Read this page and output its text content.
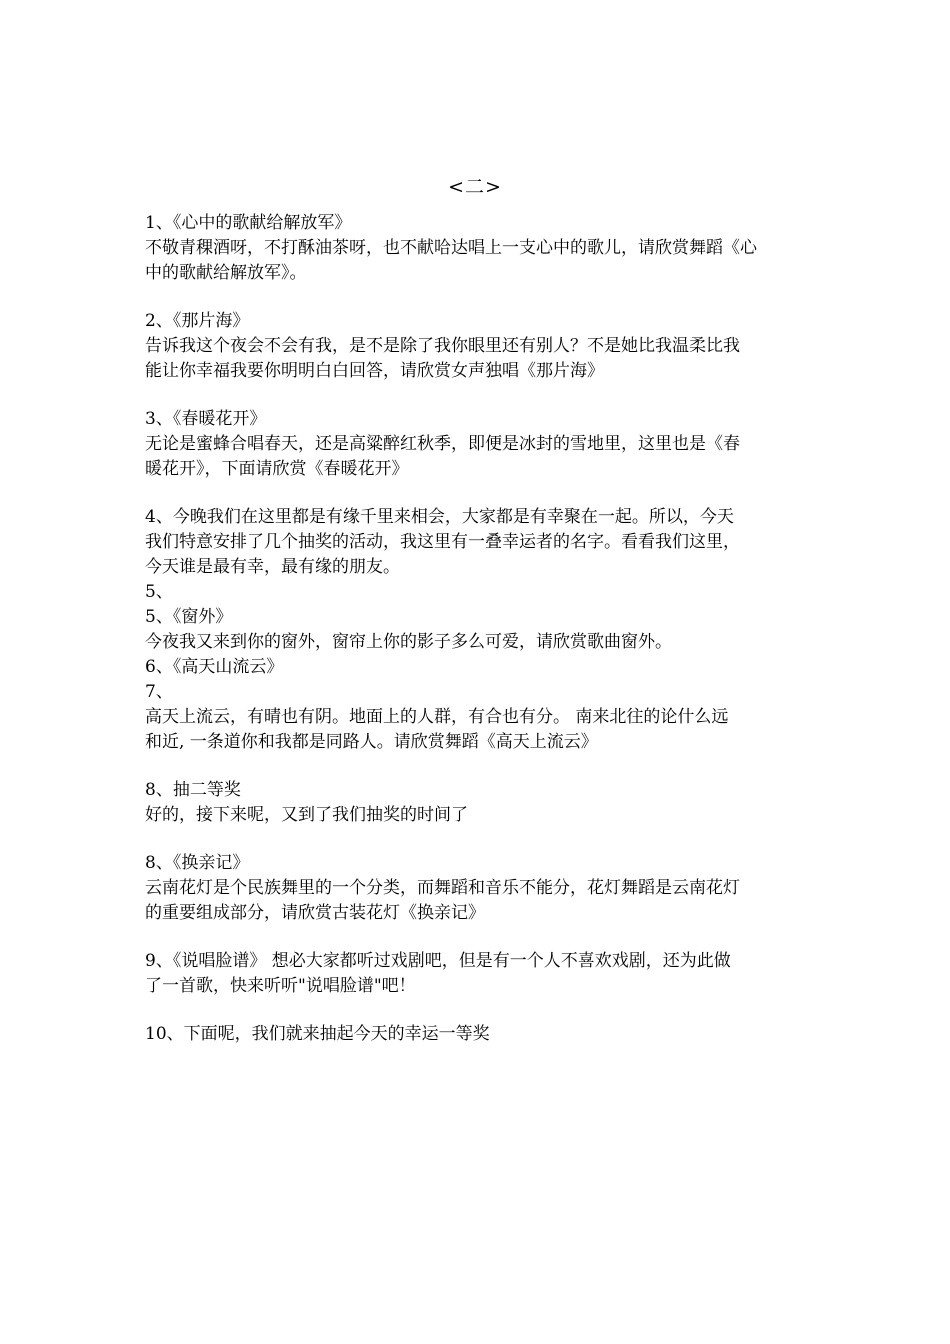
<二>
1、《心中的歌献给解放军》
不敬青稞酒呀，不打酥油茶呀，也不献哈达唱上一支心中的歌儿，请欣赏舞蹈《心
中的歌献给解放军》。
2、《那片海》
告诉我这个夜会不会有我，是不是除了我你眼里还有别人？不是她比我温柔比我
能让你幸福我要你明明白白回答，请欣赏女声独唱《那片海》
3、《春暖花开》
无论是蜜蜂合唱春天，还是高粱醉红秋季，即便是冰封的雪地里，这里也是《春
暖花开》，下面请欣赏《春暖花开》
4、今晚我们在这里都是有缘千里来相会，大家都是有幸聚在一起。所以，今天
我们特意安排了几个抽奖的活动，我这里有一叠幸运者的名字。看看我们这里，
今天谁是最有幸，最有缘的朋友。
5、
5、《窗外》
今夜我又来到你的窗外，窗帘上你的影子多么可爱，请欣赏歌曲窗外。
6、《高天山流云》
7、
高天上流云，有晴也有阴。地面上的人群，有合也有分。 南来北往的论什么远
和近, 一条道你和我都是同路人。请欣赏舞蹈《高天上流云》
8、抽二等奖
好的，接下来呢，又到了我们抽奖的时间了
8、《换亲记》
云南花灯是个民族舞里的一个分类，而舞蹈和音乐不能分，花灯舞蹈是云南花灯
的重要组成部分，请欣赏古装花灯《换亲记》
9、《说唱脸谱》 想必大家都听过戏剧吧，但是有一个人不喜欢戏剧，还为此做
了一首歌，快来听听"说唱脸谱"吧！
10、下面呢，我们就来抽起今天的幸运一等奖
